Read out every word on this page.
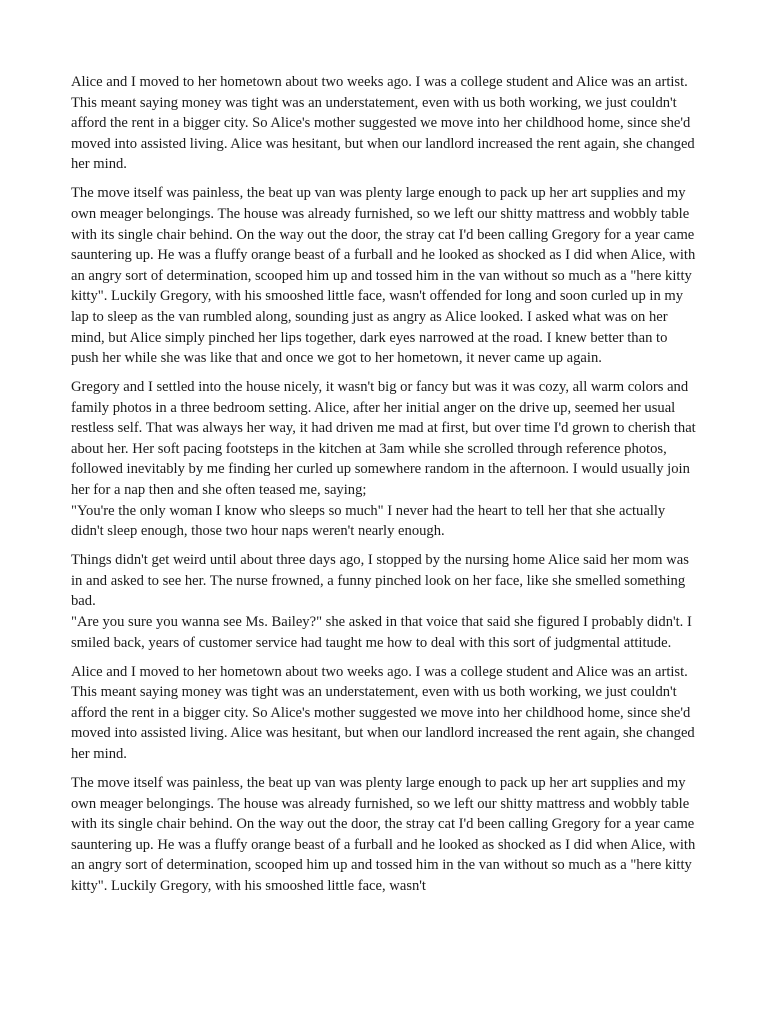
Alice and I moved to her hometown about two weeks ago. I was a college student and Alice was an artist. This meant saying money was tight was an understatement, even with us both working, we just couldn't afford the rent in a bigger city. So Alice's mother suggested we move into her childhood home, since she'd moved into assisted living. Alice was hesitant, but when our landlord increased the rent again, she changed her mind.

The move itself was painless, the beat up van was plenty large enough to pack up her art supplies and my own meager belongings. The house was already furnished, so we left our shitty mattress and wobbly table with its single chair behind. On the way out the door, the stray cat I'd been calling Gregory for a year came sauntering up. He was a fluffy orange beast of a furball and he looked as shocked as I did when Alice, with an angry sort of determination, scooped him up and tossed him in the van without so much as a "here kitty kitty". Luckily Gregory, with his smooshed little face, wasn't offended for long and soon curled up in my lap to sleep as the van rumbled along, sounding just as angry as Alice looked. I asked what was on her mind, but Alice simply pinched her lips together, dark eyes narrowed at the road. I knew better than to push her while she was like that and once we got to her hometown, it never came up again.

Gregory and I settled into the house nicely, it wasn't big or fancy but was it was cozy, all warm colors and family photos in a three bedroom setting. Alice, after her initial anger on the drive up, seemed her usual restless self. That was always her way, it had driven me mad at first, but over time I'd grown to cherish that about her. Her soft pacing footsteps in the kitchen at 3am while she scrolled through reference photos, followed inevitably by me finding her curled up somewhere random in the afternoon. I would usually join her for a nap then and she often teased me, saying;
"You're the only woman I know who sleeps so much" I never had the heart to tell her that she actually didn't sleep enough, those two hour naps weren't nearly enough.

Things didn't get weird until about three days ago, I stopped by the nursing home Alice said her mom was in and asked to see her. The nurse frowned, a funny pinched look on her face, like she smelled something bad.
"Are you sure you wanna see Ms. Bailey?" she asked in that voice that said she figured I probably didn't. I smiled back, years of customer service had taught me how to deal with this sort of judgmental attitude.

Alice and I moved to her hometown about two weeks ago. I was a college student and Alice was an artist. This meant saying money was tight was an understatement, even with us both working, we just couldn't afford the rent in a bigger city. So Alice's mother suggested we move into her childhood home, since she'd moved into assisted living. Alice was hesitant, but when our landlord increased the rent again, she changed her mind.

The move itself was painless, the beat up van was plenty large enough to pack up her art supplies and my own meager belongings. The house was already furnished, so we left our shitty mattress and wobbly table with its single chair behind. On the way out the door, the stray cat I'd been calling Gregory for a year came sauntering up. He was a fluffy orange beast of a furball and he looked as shocked as I did when Alice, with an angry sort of determination, scooped him up and tossed him in the van without so much as a "here kitty kitty". Luckily Gregory, with his smooshed little face, wasn't
